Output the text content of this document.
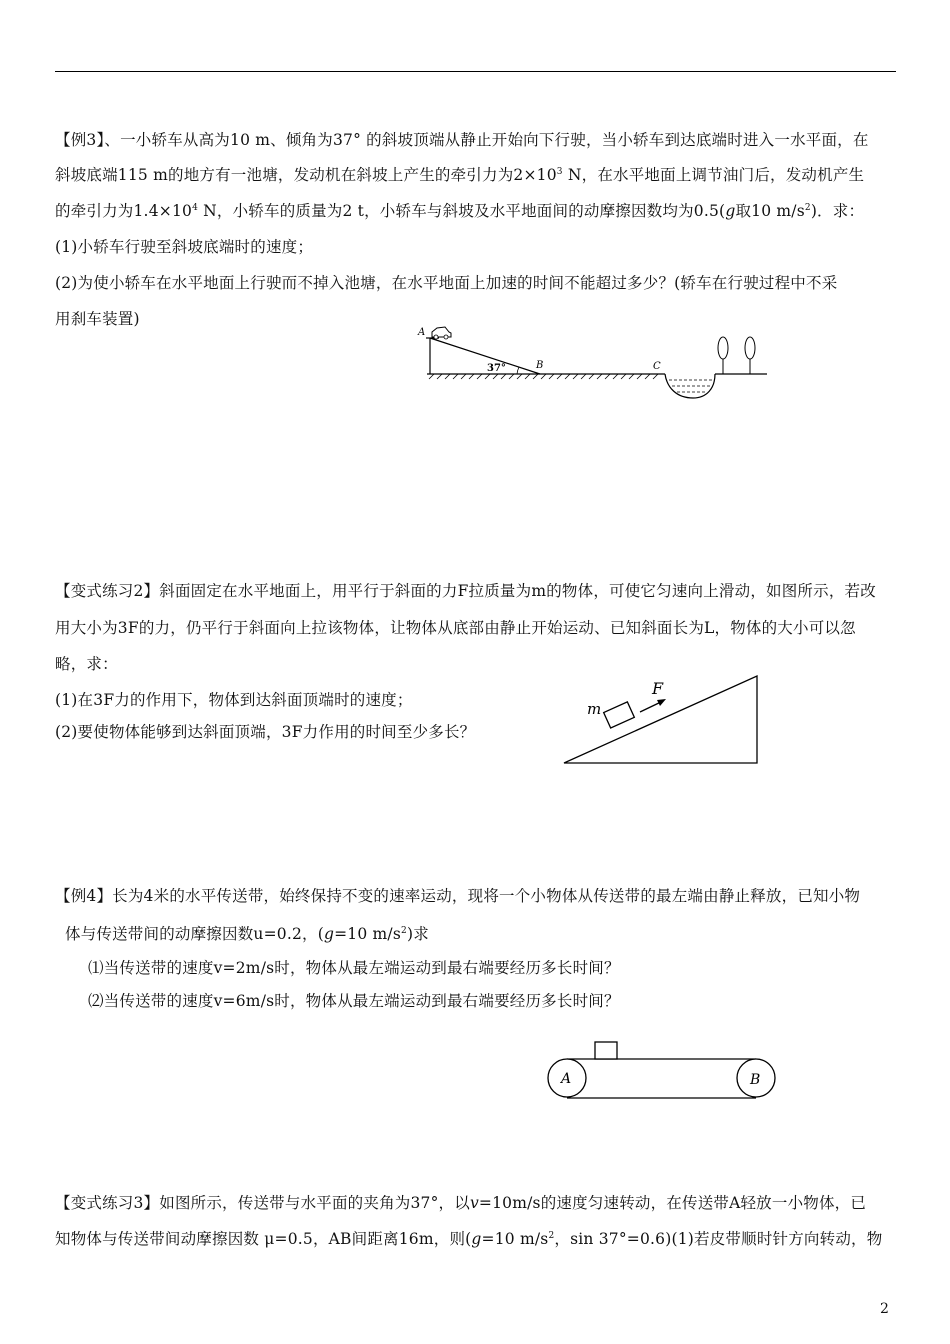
【例3】、一小轿车从高为10 m、倾角为37° 的斜坡顶端从静止开始向下行驶，当小轿车到达底端时进入一水平面，在
斜坡底端115 m的地方有一池塘，发动机在斜坡上产生的牵引力为$2\times 10^3$ N，在水平地面上调节油门后，发动机产生
的牵引力为$1.4\times 10^4$ N，小轿车的质量为2 t，小轿车与斜坡及水平地面间的动摩擦因数均为0.5(g取10 $m/s^2$)．求：
(1)小轿车行驶至斜坡底端时的速度；
(2)为使小轿车在水平地面上行驶而不掉入池塘，在水平地面上加速的时间不能超过多少？(轿车在行驶过程中不采
用刹车装置)
A
37°	B	C
【变式练习2】斜面固定在水平地面上，用平行于斜面的力F拉质量为m的物体，可使它匀速向上滑动，如图所示，若改
用大小为3F的力，仍平行于斜面向上拉该物体，让物体从底部由静止开始运动、已知斜面长为L，物体的大小可以忽
略，求：
(1)在3F力的作用下，物体到达斜面顶端时的速度；
(2)要使物体能够到达斜面顶端，3F力作用的时间至少多长？
F
m
【例4】长为4米的水平传送带，始终保持不变的速率运动，现将一个小物体从传送带的最左端由静止释放，已知小物
体与传送带间的动摩擦因数u=0.2，(g=10 $m/s^2$)求
⑴当传送带的速度v=2m/s时，物体从最左端运动到最右端要经历多长时间？
⑵当传送带的速度v=6m/s时，物体从最左端运动到最右端要经历多长时间？
A	B
【变式练习3】如图所示，传送带与水平面的夹角为37°，以v=10m/s的速度匀速转动，在传送带A轻放一小物体，已
知物体与传送带间动摩擦因数 μ=0.5，AB间距离16m，则(g=10 $m/s^2$，sin 37°=0.6)(1)若皮带顺时针方向转动，物
2
